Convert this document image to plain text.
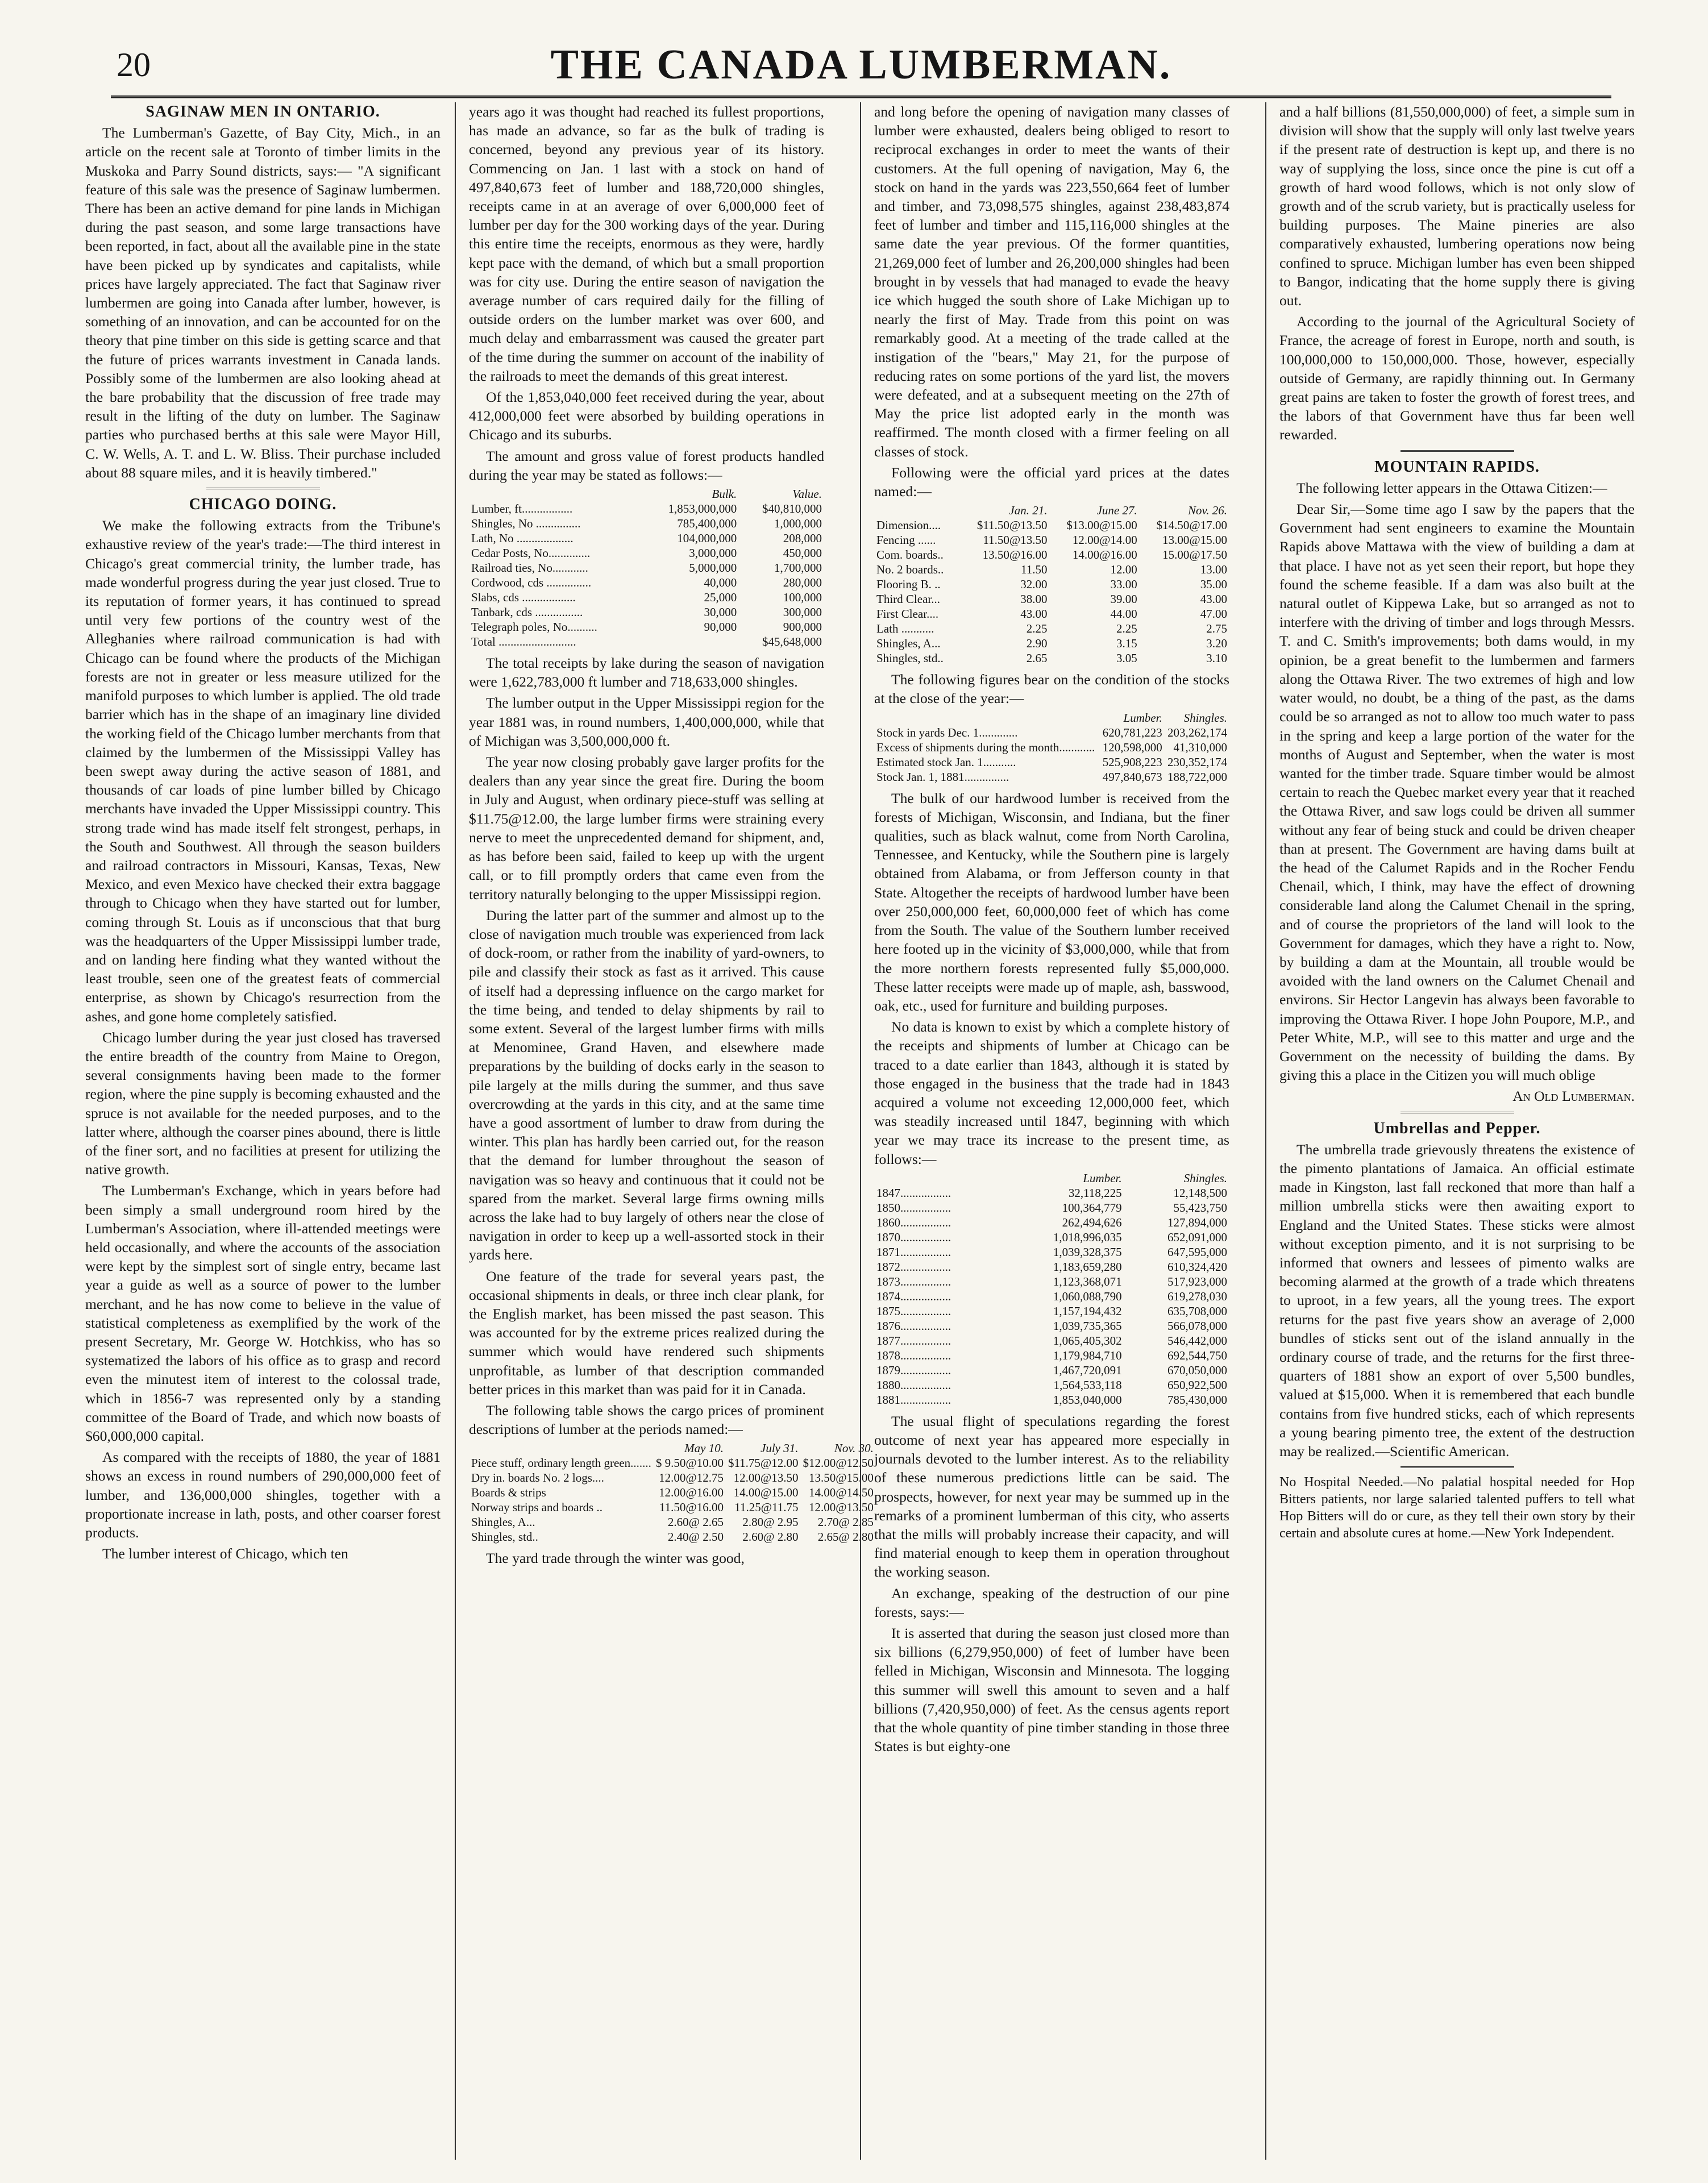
20	THE CANADA LUMBERMAN.

SAGINAW MEN IN ONTARIO.

The Lumberman's Gazette, of Bay City, Mich., in an article on the recent sale at Toronto of timber limits in the Muskoka and Parry Sound districts, says:— "A significant feature of this sale was the presence of Saginaw lumbermen. There has been an active demand for pine lands in Michigan during the past season, and some large transactions have been reported, in fact, about all the available pine in the state have been picked up by syndicates and capitalists, while prices have largely appreciated. The fact that Saginaw river lumbermen are going into Canada after lumber, however, is something of an innovation, and can be accounted for on the theory that pine timber on this side is getting scarce and that the future of prices warrants investment in Canada lands. Possibly some of the lumbermen are also looking ahead at the bare probability that the discussion of free trade may result in the lifting of the duty on lumber. The Saginaw parties who purchased berths at this sale were Mayor Hill, C. W. Wells, A. T. and L. W. Bliss. Their purchase included about 88 square miles, and it is heavily timbered."

CHICAGO DOING.

We make the following extracts from the Tribune's exhaustive review of the year's trade:—The third interest in Chicago's great commercial trinity, the lumber trade, has made wonderful progress during the year just closed. True to its reputation of former years, it has continued to spread until very few portions of the country west of the Alleghanies where railroad communication is had with Chicago can be found where the products of the Michigan forests are not in greater or less measure utilized for the manifold purposes to which lumber is applied. The old trade barrier which has in the shape of an imaginary line divided the working field of the Chicago lumber merchants from that claimed by the lumbermen of the Mississippi Valley has been swept away during the active season of 1881, and thousands of car loads of pine lumber billed by Chicago merchants have invaded the Upper Mississippi country. This strong trade wind has made itself felt strongest, perhaps, in the South and Southwest. All through the season builders and railroad contractors in Missouri, Kansas, Texas, New Mexico, and even Mexico have checked their extra baggage through to Chicago when they have started out for lumber, coming through St. Louis as if unconscious that that burg was the headquarters of the Upper Mississippi lumber trade, and on landing here finding what they wanted without the least trouble, seen one of the greatest feats of commercial enterprise, as shown by Chicago's resurrection from the ashes, and gone home completely satisfied.

Chicago lumber during the year just closed has traversed the entire breadth of the country from Maine to Oregon, several consignments having been made to the former region, where the pine supply is becoming exhausted and the spruce is not available for the needed purposes, and to the latter where, although the coarser pines abound, there is little of the finer sort, and no facilities at present for utilizing the native growth.

The Lumberman's Exchange, which in years before had been simply a small underground room hired by the Lumberman's Association, where ill-attended meetings were held occasionally, and where the accounts of the association were kept by the simplest sort of single entry, became last year a guide as well as a source of power to the lumber merchant, and he has now come to believe in the value of statistical completeness as exemplified by the work of the present Secretary, Mr. George W. Hotchkiss, who has so systematized the labors of his office as to grasp and record even the minutest item of interest to the colossal trade, which in 1856-7 was represented only by a standing committee of the Board of Trade, and which now boasts of $60,000,000 capital.

As compared with the receipts of 1880, the year of 1881 shows an excess in round numbers of 290,000,000 feet of lumber, and 136,000,000 shingles, together with a proportionate increase in lath, posts, and other coarser forest products.

The lumber interest of Chicago, which ten

years ago it was thought had reached its fullest proportions, has made an advance, so far as the bulk of trading is concerned, beyond any previous year of its history. Commencing on Jan. 1 last with a stock on hand of 497,840,673 feet of lumber and 188,720,000 shingles, receipts came in at an average of over 6,000,000 feet of lumber per day for the 300 working days of the year. During this entire time the receipts, enormous as they were, hardly kept pace with the demand, of which but a small proportion was for city use. During the entire season of navigation the average number of cars required daily for the filling of outside orders on the lumber market was over 600, and much delay and embarrassment was caused the greater part of the time during the summer on account of the inability of the railroads to meet the demands of this great interest.

Of the 1,853,040,000 feet received during the year, about 412,000,000 feet were absorbed by building operations in Chicago and its suburbs.

The amount and gross value of forest products handled during the year may be stated as follows:—

	Bulk.	Value.
Lumber, ft.................	1,853,000,000	$40,810,000
Shingles, No ...............	785,400,000	1,000,000
Lath, No ...................	104,000,000	208,000
Cedar Posts, No..............	3,000,000	450,000
Railroad ties, No............	5,000,000	1,700,000
Cordwood, cds ...............	40,000	280,000
Slabs, cds ..................	25,000	100,000
Tanbark, cds ................	30,000	300,000
Telegraph poles, No..........	90,000	900,000
Total ..........................		$45,648,000

The total receipts by lake during the season of navigation were 1,622,783,000 ft lumber and 718,633,000 shingles.

The lumber output in the Upper Mississippi region for the year 1881 was, in round numbers, 1,400,000,000, while that of Michigan was 3,500,000,000 ft.

The year now closing probably gave larger profits for the dealers than any year since the great fire. During the boom in July and August, when ordinary piece-stuff was selling at $11.75@12.00, the large lumber firms were straining every nerve to meet the unprecedented demand for shipment, and, as has before been said, failed to keep up with the urgent call, or to fill promptly orders that came even from the territory naturally belonging to the upper Mississippi region.

During the latter part of the summer and almost up to the close of navigation much trouble was experienced from lack of dock-room, or rather from the inability of yard-owners, to pile and classify their stock as fast as it arrived. This cause of itself had a depressing influence on the cargo market for the time being, and tended to delay shipments by rail to some extent. Several of the largest lumber firms with mills at Menominee, Grand Haven, and elsewhere made preparations by the building of docks early in the season to pile largely at the mills during the summer, and thus save overcrowding at the yards in this city, and at the same time have a good assortment of lumber to draw from during the winter. This plan has hardly been carried out, for the reason that the demand for lumber throughout the season of navigation was so heavy and continuous that it could not be spared from the market. Several large firms owning mills across the lake had to buy largely of others near the close of navigation in order to keep up a well-assorted stock in their yards here.

One feature of the trade for several years past, the occasional shipments in deals, or three inch clear plank, for the English market, has been missed the past season. This was accounted for by the extreme prices realized during the summer which would have rendered such shipments unprofitable, as lumber of that description commanded better prices in this market than was paid for it in Canada.

The following table shows the cargo prices of prominent descriptions of lumber at the periods named:—

	May 10.	July 31.	Nov. 30.
Piece stuff, ordinary length green.......	$ 9.50@10.00	$11.75@12.00	$12.00@12.50
Dry in. boards No. 2 logs....	12.00@12.75	12.00@13.50	13.50@15.00
Boards & strips	12.00@16.00	14.00@15.00	14.00@14.50
Norway strips and boards ..	11.50@16.00	11.25@11.75	12.00@13.50
Shingles, A...	2.60@ 2.65	2.80@ 2.95	2.70@ 2.85
Shingles, std..	2.40@ 2.50	2.60@ 2.80	2.65@ 2.80

The yard trade through the winter was good,

and long before the opening of navigation many classes of lumber were exhausted, dealers being obliged to resort to reciprocal exchanges in order to meet the wants of their customers. At the full opening of navigation, May 6, the stock on hand in the yards was 223,550,664 feet of lumber and timber, and 73,098,575 shingles, against 238,483,874 feet of lumber and timber and 115,116,000 shingles at the same date the year previous. Of the former quantities, 21,269,000 feet of lumber and 26,200,000 shingles had been brought in by vessels that had managed to evade the heavy ice which hugged the south shore of Lake Michigan up to nearly the first of May. Trade from this point on was remarkably good. At a meeting of the trade called at the instigation of the "bears," May 21, for the purpose of reducing rates on some portions of the yard list, the movers were defeated, and at a subsequent meeting on the 27th of May the price list adopted early in the month was reaffirmed. The month closed with a firmer feeling on all classes of stock.

Following were the official yard prices at the dates named:—

	Jan. 21.	June 27.	Nov. 26.
Dimension....	$11.50@13.50	$13.00@15.00	$14.50@17.00
Fencing ......	11.50@13.50	12.00@14.00	13.00@15.00
Com. boards..	13.50@16.00	14.00@16.00	15.00@17.50
No. 2 boards..	11.50	12.00	13.00
Flooring B. ..	32.00	33.00	35.00
Third Clear...	38.00	39.00	43.00
First Clear....	43.00	44.00	47.00
Lath ...........	2.25	2.25	2.75
Shingles, A...	2.90	3.15	3.20
Shingles, std..	2.65	3.05	3.10

The following figures bear on the condition of the stocks at the close of the year:—

	Lumber.	Shingles.
Stock in yards Dec. 1.............	620,781,223	203,262,174
Excess of shipments during the month............	120,598,000	41,310,000
Estimated stock Jan. 1...........	525,908,223	230,352,174
Stock Jan. 1, 1881...............	497,840,673	188,722,000

The bulk of our hardwood lumber is received from the forests of Michigan, Wisconsin, and Indiana, but the finer qualities, such as black walnut, come from North Carolina, Tennessee, and Kentucky, while the Southern pine is largely obtained from Alabama, or from Jefferson county in that State. Altogether the receipts of hardwood lumber have been over 250,000,000 feet, 60,000,000 feet of which has come from the South. The value of the Southern lumber received here footed up in the vicinity of $3,000,000, while that from the more northern forests represented fully $5,000,000. These latter receipts were made up of maple, ash, basswood, oak, etc., used for furniture and building purposes.

No data is known to exist by which a complete history of the receipts and shipments of lumber at Chicago can be traced to a date earlier than 1843, although it is stated by those engaged in the business that the trade had in 1843 acquired a volume not exceeding 12,000,000 feet, which was steadily increased until 1847, beginning with which year we may trace its increase to the present time, as follows:—

	Lumber.	Shingles.
1847.................	32,118,225	12,148,500
1850.................	100,364,779	55,423,750
1860.................	262,494,626	127,894,000
1870.................	1,018,996,035	652,091,000
1871.................	1,039,328,375	647,595,000
1872.................	1,183,659,280	610,324,420
1873.................	1,123,368,071	517,923,000
1874.................	1,060,088,790	619,278,030
1875.................	1,157,194,432	635,708,000
1876.................	1,039,735,365	566,078,000
1877.................	1,065,405,302	546,442,000
1878.................	1,179,984,710	692,544,750
1879.................	1,467,720,091	670,050,000
1880.................	1,564,533,118	650,922,500
1881.................	1,853,040,000	785,430,000

The usual flight of speculations regarding the forest outcome of next year has appeared more especially in journals devoted to the lumber interest. As to the reliability of these numerous predictions little can be said. The prospects, however, for next year may be summed up in the remarks of a prominent lumberman of this city, who asserts that the mills will probably increase their capacity, and will find material enough to keep them in operation throughout the working season.

An exchange, speaking of the destruction of our pine forests, says:—

It is asserted that during the season just closed more than six billions (6,279,950,000) of feet of lumber have been felled in Michigan, Wisconsin and Minnesota. The logging this summer will swell this amount to seven and a half billions (7,420,950,000) of feet. As the census agents report that the whole quantity of pine timber standing in those three States is but eighty-one

and a half billions (81,550,000,000) of feet, a simple sum in division will show that the supply will only last twelve years if the present rate of destruction is kept up, and there is no way of supplying the loss, since once the pine is cut off a growth of hard wood follows, which is not only slow of growth and of the scrub variety, but is practically useless for building purposes. The Maine pineries are also comparatively exhausted, lumbering operations now being confined to spruce. Michigan lumber has even been shipped to Bangor, indicating that the home supply there is giving out.

According to the journal of the Agricultural Society of France, the acreage of forest in Europe, north and south, is 100,000,000 to 150,000,000. Those, however, especially outside of Germany, are rapidly thinning out. In Germany great pains are taken to foster the growth of forest trees, and the labors of that Government have thus far been well rewarded.

MOUNTAIN RAPIDS.

The following letter appears in the Ottawa Citizen:—

Dear Sir,—Some time ago I saw by the papers that the Government had sent engineers to examine the Mountain Rapids above Mattawa with the view of building a dam at that place. I have not as yet seen their report, but hope they found the scheme feasible. If a dam was also built at the natural outlet of Kippewa Lake, but so arranged as not to interfere with the driving of timber and logs through Messrs. T. and C. Smith's improvements; both dams would, in my opinion, be a great benefit to the lumbermen and farmers along the Ottawa River. The two extremes of high and low water would, no doubt, be a thing of the past, as the dams could be so arranged as not to allow too much water to pass in the spring and keep a large portion of the water for the months of August and September, when the water is most wanted for the timber trade. Square timber would be almost certain to reach the Quebec market every year that it reached the Ottawa River, and saw logs could be driven all summer without any fear of being stuck and could be driven cheaper than at present. The Government are having dams built at the head of the Calumet Rapids and in the Rocher Fendu Chenail, which, I think, may have the effect of drowning considerable land along the Calumet Chenail in the spring, and of course the proprietors of the land will look to the Government for damages, which they have a right to. Now, by building a dam at the Mountain, all trouble would be avoided with the land owners on the Calumet Chenail and environs. Sir Hector Langevin has always been favorable to improving the Ottawa River. I hope John Poupore, M.P., and Peter White, M.P., will see to this matter and urge and the Government on the necessity of building the dams. By giving this a place in the Citizen you will much oblige

An Old Lumberman.

Umbrellas and Pepper.

The umbrella trade grievously threatens the existence of the pimento plantations of Jamaica. An official estimate made in Kingston, last fall reckoned that more than half a million umbrella sticks were then awaiting export to England and the United States. These sticks were almost without exception pimento, and it is not surprising to be informed that owners and lessees of pimento walks are becoming alarmed at the growth of a trade which threatens to uproot, in a few years, all the young trees. The export returns for the past five years show an average of 2,000 bundles of sticks sent out of the island annually in the ordinary course of trade, and the returns for the first three-quarters of 1881 show an export of over 5,500 bundles, valued at $15,000. When it is remembered that each bundle contains from five hundred sticks, each of which represents a young bearing pimento tree, the extent of the destruction may be realized.—Scientific American.

No Hospital Needed.—No palatial hospital needed for Hop Bitters patients, nor large salaried talented puffers to tell what Hop Bitters will do or cure, as they tell their own story by their certain and absolute cures at home.—New York Independent.
